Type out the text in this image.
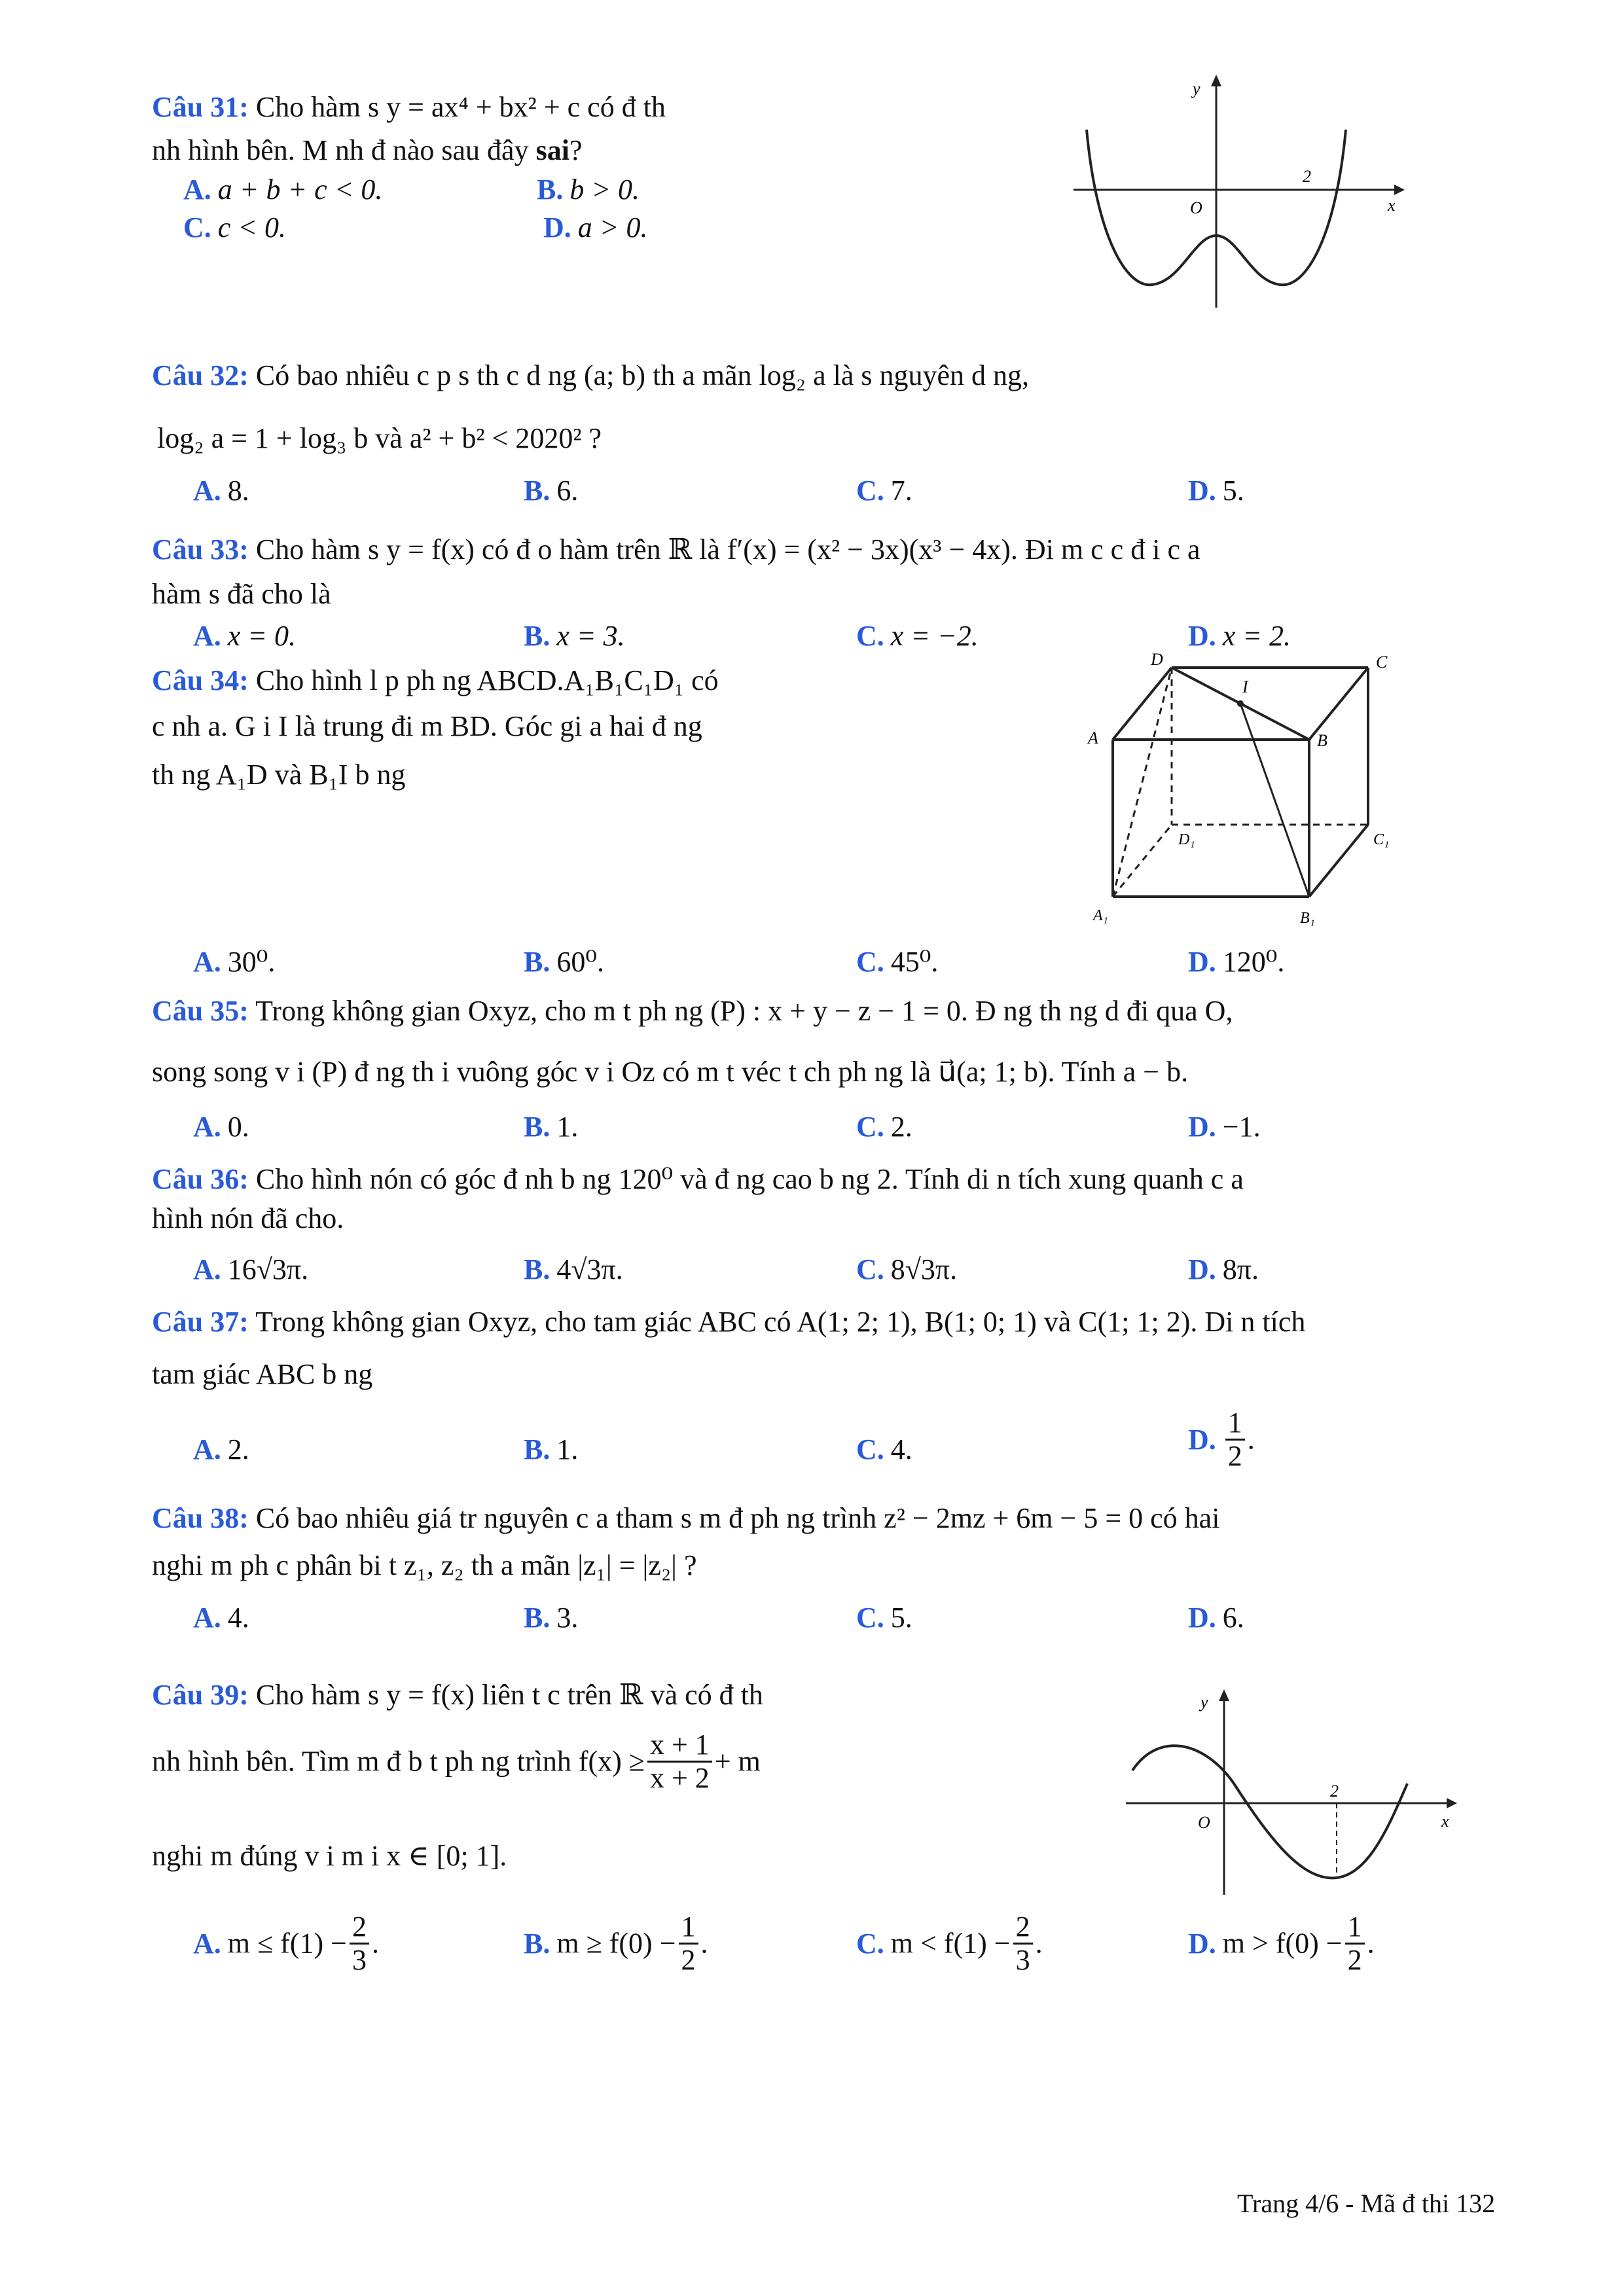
Câu 31: Cho hàm s y = ax⁴ + bx² + c có đ th
nh hình bên. M nh đ nào sau đây sai?
A. a + b + c < 0.	B. b > 0.
C. c < 0.	D. a > 0.
y
x
O
2
Câu 32: Có bao nhiêu c p s th c d ng (a; b) th a mãn log₂ a là s nguyên d ng,
log₂ a = 1 + log₃ b và a² + b² < 2020² ?
A. 8.	B. 6.	C. 7.	D. 5.
Câu 33: Cho hàm s y = f(x) có đ o hàm trên ℝ là f′(x) = (x² − 3x)(x³ − 4x). Đi m c c đ i c a
hàm s đã cho là
A. x = 0.	B. x = 3.	C. x = −2.	D. x = 2.
Câu 34: Cho hình l p ph ng ABCD.A₁B₁C₁D₁ có
c nh a. G i I là trung đi m BD. Góc gi a hai đ ng
th ng A₁D và B₁I b ng
D	C
I
A	B
D₁	C₁
A₁	B₁
A. 30⁰.	B. 60⁰.	C. 45⁰.	D. 120⁰.
Câu 35: Trong không gian Oxyz, cho m t ph ng (P) : x + y − z − 1 = 0. Đ ng th ng d đi qua O,
song song v i (P) đ ng th i vuông góc v i Oz có m t véc t ch ph ng là u⃗(a; 1; b). Tính a − b.
A. 0.	B. 1.	C. 2.	D. −1.
Câu 36: Cho hình nón có góc đ nh b ng 120⁰ và đ ng cao b ng 2. Tính di n tích xung quanh c a
hình nón đã cho.
A. 16√3π.	B. 4√3π.	C. 8√3π.	D. 8π.
Câu 37: Trong không gian Oxyz, cho tam giác ABC có A(1; 2; 1), B(1; 0; 1) và C(1; 1; 2). Di n tích
tam giác ABC b ng
A. 2.	B. 1.	C. 4.	D. $\frac{1}{2}$ .
Câu 38: Có bao nhiêu giá tr nguyên c a tham s m đ ph ng trình z² − 2mz + 6m − 5 = 0 có hai
nghi m ph c phân bi t z₁, z₂ th a mãn |z₁| = |z₂| ?
A. 4.	B. 3.	C. 5.	D. 6.
Câu 39: Cho hàm s y = f(x) liên t c trên ℝ và có đ th
nh hình bên. Tìm m đ b t ph ng trình $f(x) \ge \frac{x + 1}{x + 2} + m$
nghi m đúng v i m i x ∈ [0; 1].
y
x
O
2
A. $m \le f(1) - \frac{2}{3}$ .	B. $m \ge f(0) - \frac{1}{2}$ .	C. $m < f(1) - \frac{2}{3}$ .	D. $m > f(0) - \frac{1}{2}$ .
Trang 4/6 - Mã đ thi 132
